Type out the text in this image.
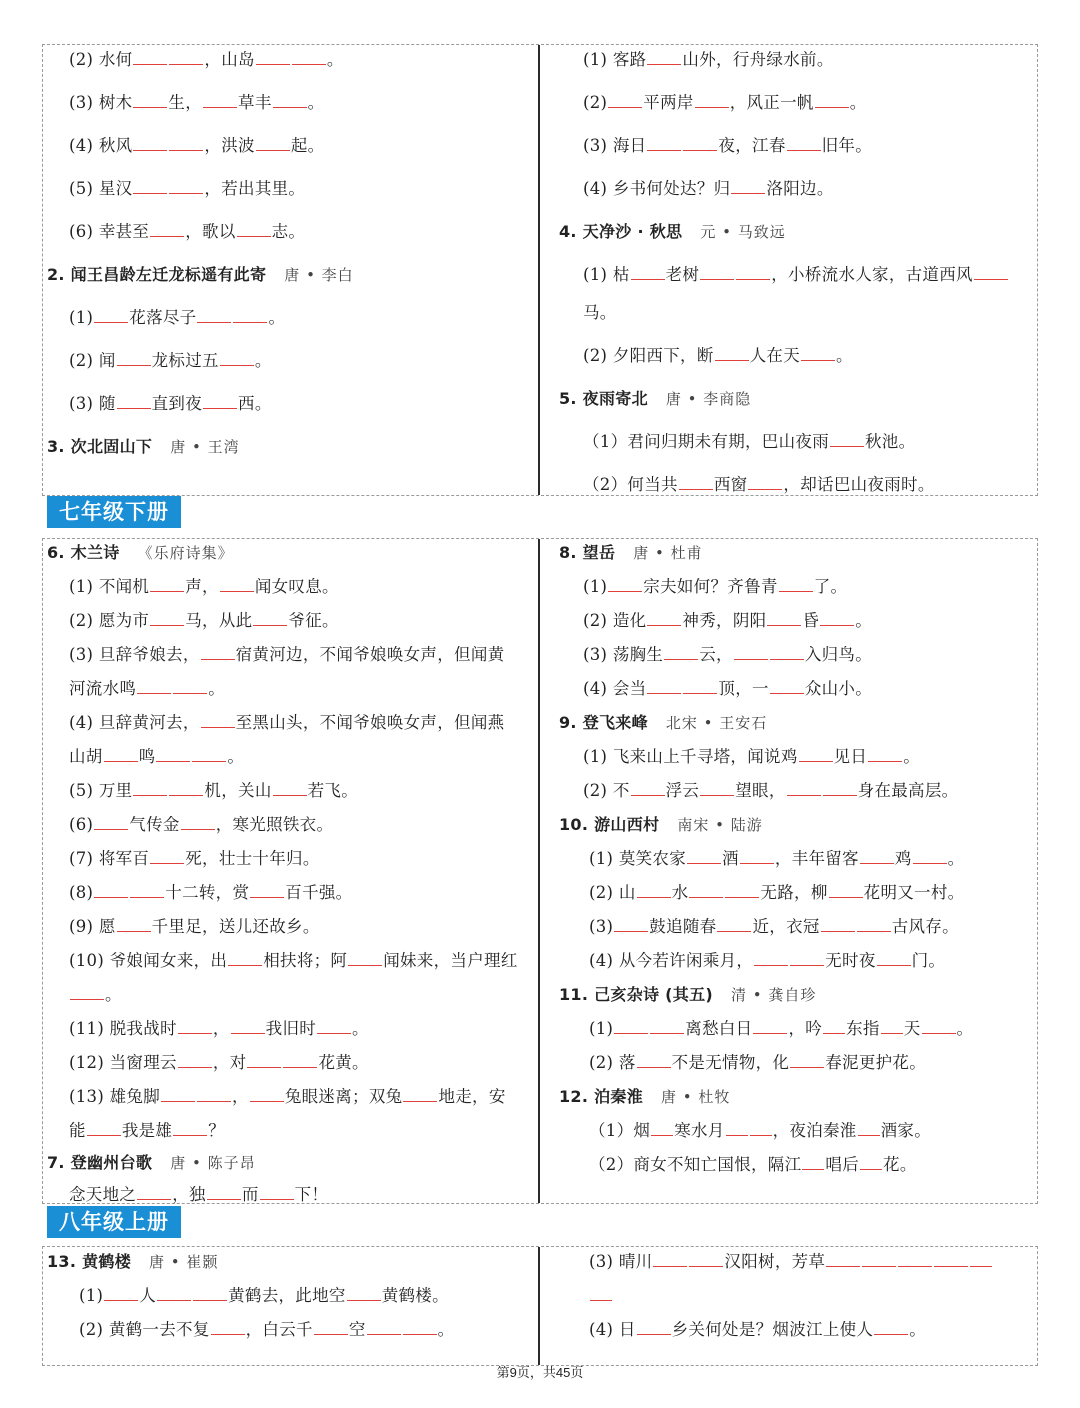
(2) 水何	，山岛	。
(3) 树木 生， 草丰 。
(4) 秋风	，洪波 起。
(5) 星汉	，若出其里。
(6) 幸甚至 ，歌以 志。
2. 闻王昌龄左迁龙标遥有此寄 唐 • 李白
(1) 花落尽子	。
(2) 闻 龙标过五 。
(3) 随 直到夜 西。
3. 次北固山下 唐 • 王湾
(1) 客路 山外，行舟绿水前。
(2) 平两岸 ，风正一帆 。
(3) 海日	夜，江春 旧年。
(4) 乡书何处达？归 洛阳边。
4. 天净沙 · 秋思 元 • 马致远
(1) 枯 老树	，小桥流水人家，古道西风
马。
(2) 夕阳西下，断 人在天 。
5. 夜雨寄北 唐 • 李商隐
（1）君问归期未有期，巴山夜雨 秋池。
（2）何当共 西窗 ，却话巴山夜雨时。
七年级下册
6. 木兰诗 《乐府诗集》
(1) 不闻机 声， 闻女叹息。
(2) 愿为市 马，从此 爷征。
(3) 旦辞爷娘去， 宿黄河边，不闻爷娘唤女声，但闻黄
河流水鸣	。
(4) 旦辞黄河去， 至黑山头，不闻爷娘唤女声，但闻燕
山胡 鸣	。
(5) 万里	机，关山 若飞。
(6) 气传金 ，寒光照铁衣。
(7) 将军百 死，壮士十年归。
(8)	十二转，赏 百千强。
(9) 愿 千里足，送儿还故乡。
(10) 爷娘闻女来，出 相扶将；阿 闻妹来，当户理红
。
(11) 脱我战时 ， 我旧时 。
(12) 当窗理云 ，对	花黄。
(13) 雄兔脚	， 兔眼迷离；双兔 地走，安
能 我是雄 ？
7. 登幽州台歌 唐 • 陈子昂
念天地之 ，独 而 下！
8. 望岳 唐 • 杜甫
(1) 宗夫如何？齐鲁青 了。
(2) 造化 神秀，阴阳 昏 。
(3) 荡胸生 云，	入归鸟。
(4) 会当	顶，一 众山小。
9. 登飞来峰 北宋 • 王安石
(1) 飞来山上千寻塔，闻说鸡 见日 。
(2) 不 浮云 望眼，	身在最高层。
10. 游山西村 南宋 • 陆游
(1) 莫笑农家 酒 ，丰年留客 鸡 。
(2) 山 水	无路，柳 花明又一村。
(3) 鼓追随春 近，衣冠	古风存。
(4) 从今若许闲乘月，	无时夜 门。
11. 己亥杂诗 (其五) 清 • 龚自珍
(1)	离愁白日 ，吟 东指 天 。
(2) 落 不是无情物，化 春泥更护花。
12. 泊秦淮 唐 • 杜牧
（1）烟 寒水月	，夜泊秦淮 酒家。
（2）商女不知亡国恨，隔江 唱后 花。
八年级上册
13. 黄鹤楼 唐 • 崔颢
(1) 人	黄鹤去，此地空 黄鹤楼。
(2) 黄鹤一去不复 ，白云千 空	。
(3) 晴川	汉阳树，芳草
(4) 日 乡关何处是？烟波江上使人 。
第9页，共45页
